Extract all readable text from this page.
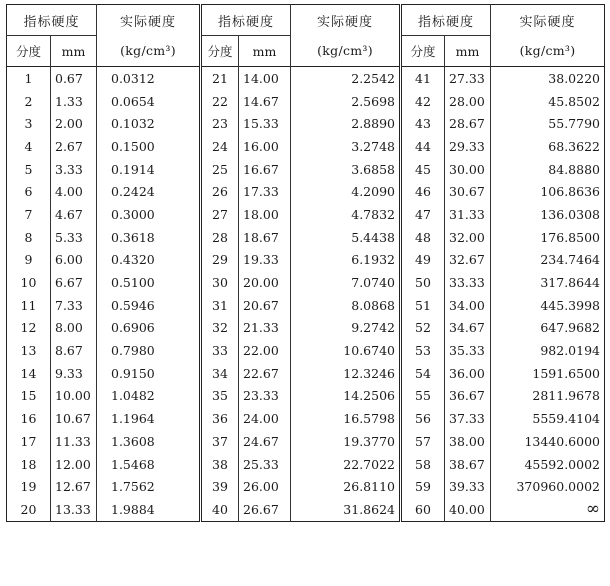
指标硬度		实际硬度	指标硬度		实际硬度	指标硬度		实际硬度
分度	mm	(kg/cm³)	分度	mm	(kg/cm³)	分度	mm	(kg/cm³)
1	0.67	0.0312	21	14.00	2.2542	41	27.33	38.0220
2	1.33	0.0654	22	14.67	2.5698	42	28.00	45.8502
3	2.00	0.1032	23	15.33	2.8890	43	28.67	55.7790
4	2.67	0.1500	24	16.00	3.2748	44	29.33	68.3622
5	3.33	0.1914	25	16.67	3.6858	45	30.00	84.8880
6	4.00	0.2424	26	17.33	4.2090	46	30.67	106.8636
7	4.67	0.3000	27	18.00	4.7832	47	31.33	136.0308
8	5.33	0.3618	28	18.67	5.4438	48	32.00	176.8500
9	6.00	0.4320	29	19.33	6.1932	49	32.67	234.7464
10	6.67	0.5100	30	20.00	7.0740	50	33.33	317.8644
11	7.33	0.5946	31	20.67	8.0868	51	34.00	445.3998
12	8.00	0.6906	32	21.33	9.2742	52	34.67	647.9682
13	8.67	0.7980	33	22.00	10.6740	53	35.33	982.0194
14	9.33	0.9150	34	22.67	12.3246	54	36.00	1591.6500
15	10.00	1.0482	35	23.33	14.2506	55	36.67	2811.9678
16	10.67	1.1964	36	24.00	16.5798	56	37.33	5559.4104
17	11.33	1.3608	37	24.67	19.3770	57	38.00	13440.6000
18	12.00	1.5468	38	25.33	22.7022	58	38.67	45592.0002
19	12.67	1.7562	39	26.00	26.8110	59	39.33	370960.0002
20	13.33	1.9884	40	26.67	31.8624	60	40.00	∞
